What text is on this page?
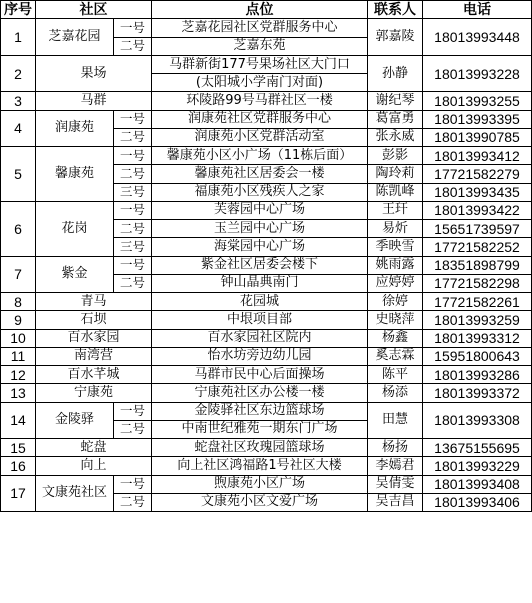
序号	社区		点位	联系人	电话
1	芝嘉花园	一号	芝嘉花园社区党群服务中心	郭嘉陵	18013993448
		二号	芝嘉东苑		
2	果场		马群新街177号果场社区大门口	孙静	18013993228
			(太阳城小学南门对面)		
3	马群		环陵路99号马群社区一楼	谢纪琴	18013993255
4	润康苑	一号	润康苑社区党群服务中心	葛富勇	18013993395
		二号	润康苑小区党群活动室	张永威	18013990785
5	馨康苑	一号	馨康苑小区小广场（11栋后面）	彭影	18013993412
		二号	馨康苑社区居委会一楼	陶玲莉	17721582279
		三号	福康苑小区残疾人之家	陈凯峰	18013993435
6	花岗	一号	芙蓉园中心广场	王玕	18013993422
		二号	玉兰园中心广场	易炘	15651739597
		三号	海棠园中心广场	季映雪	17721582252
7	紫金	一号	紫金社区居委会楼下	姚雨露	18351898799
		二号	钟山晶典南门	应婷婷	17721582298
8	青马		花园城	徐婷	17721582261
9	石坝		中垠项目部	史晓萍	18013993259
10	百水家园		百水家园社区院内	杨鑫	18013993312
11	南湾营		怡水坊旁边幼儿园	奚志霖	15951800643
12	百水芊城		马群市民中心后面操场	陈平	18013993286
13	宁康苑		宁康苑社区办公楼一楼	杨添	18013993372
14	金陵驿	一号	金陵驿社区东边篮球场	田慧	18013993308
		二号	中南世纪雅苑一期东门广场		
15	蛇盘		蛇盘社区玫瑰园篮球场	杨扬	13675155695
16	向上		向上社区鸿福路1号社区大楼	李嫣君	18013993229
17	文康苑社区	一号	煦康苑小区广场	吴倩雯	18013993408
		二号	文康苑小区文爱广场	吴吉昌	18013993406
